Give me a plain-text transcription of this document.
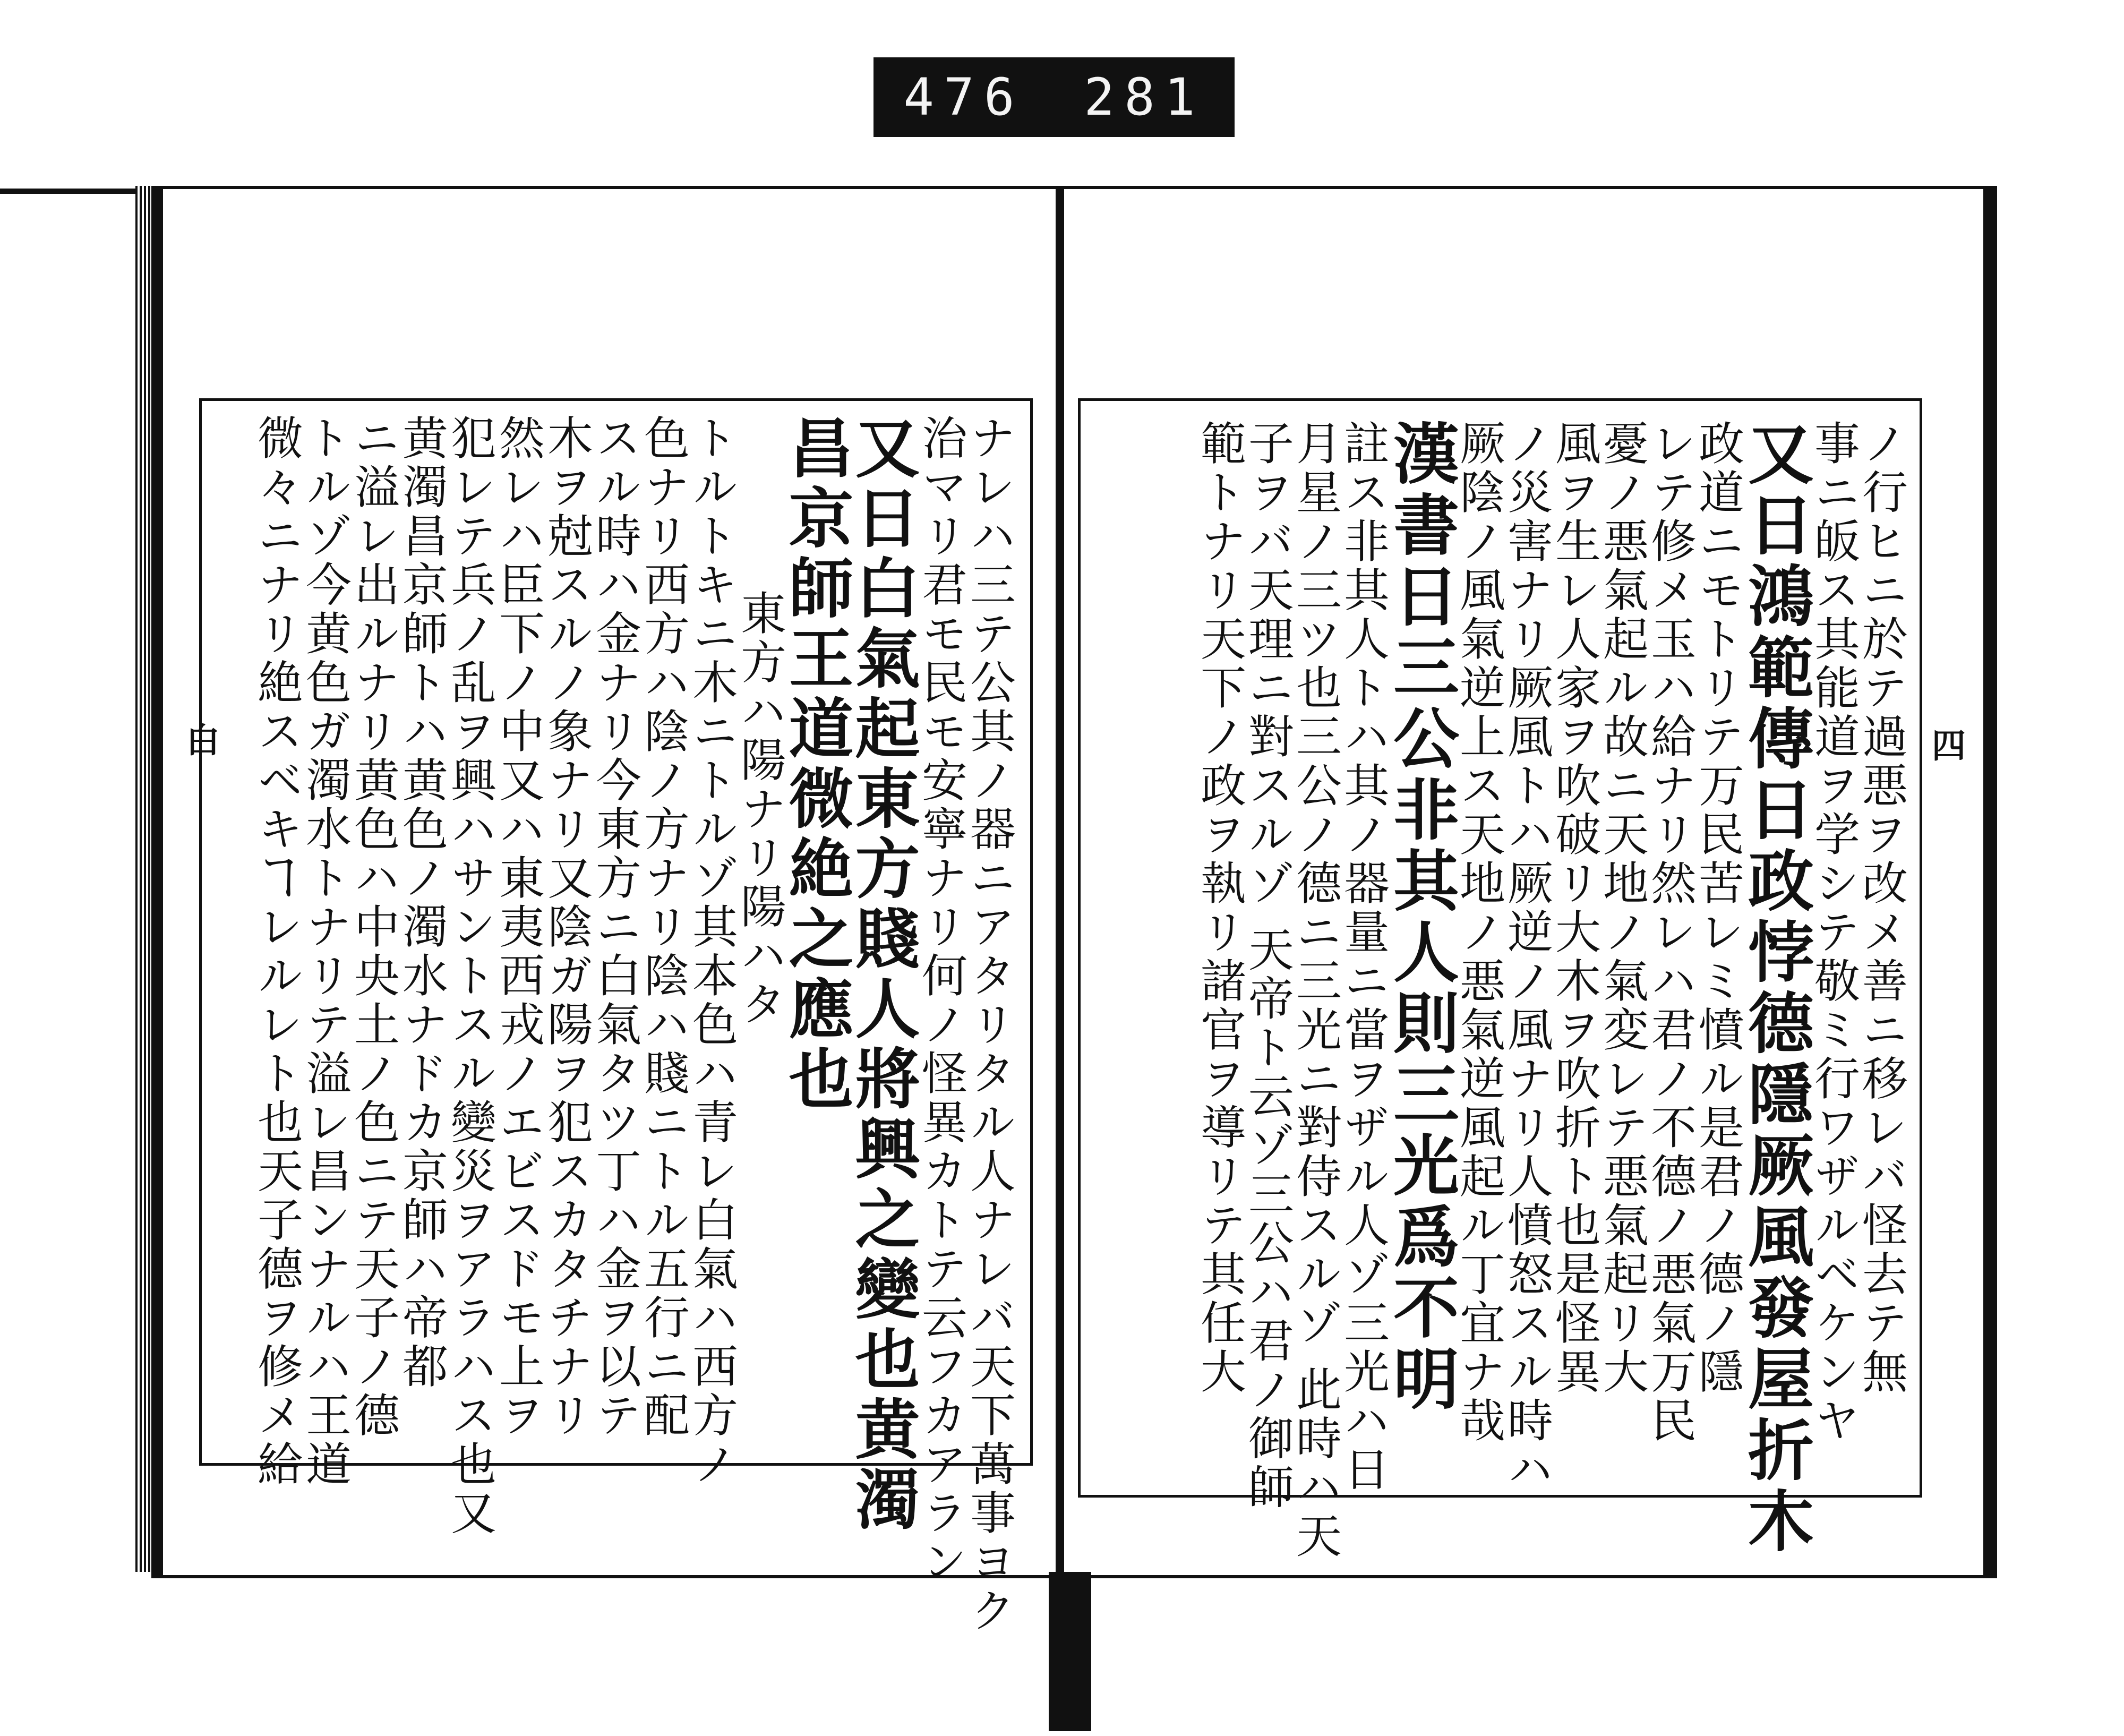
476 281
白	四
ナレハ三テ公其ノ器ニアタリタル人ナレバ天下萬事ヨク
治マリ君モ民モ安寧ナリ何ノ怪異カトテ云フカアラン
又日白氣起東方賤人將興之變也黄濁
昌京師王道微絶之應也
東方ハ陽ナリ陽ハタ
トルトキニ木ニトルゾ其本色ハ青レ白氣ハ西方ノ
色ナリ西方ハ陰ノ方ナリ陰ハ賤ニトル五行ニ配
スル時ハ金ナリ今東方ニ白氣タツ丁ハ金ヲ以テ
木ヲ尅スルノ象ナリ又陰ガ陽ヲ犯スカタチナリ
然レハ臣下ノ中又ハ東夷西戎ノエビスドモ上ヲ
犯レテ兵ノ乱ヲ興ハサントスル變災ヲアラハス也又
黄濁昌京師トハ黄色ノ濁水ナドカ京師ハ帝都
ニ溢レ出ルナリ黄色ハ中央土ノ色ニテ天子ノ德
トルゾ今黄色ガ濁水トナリテ溢レ昌ンナルハ王道
微々ニナリ絶スベキヿレルレト也天子德ヲ修メ給	ノ行ヒニ於テ過悪ヲ改メ善ニ移レバ怪去テ無
事ニ皈ス其能道ヲ学シテ敬ミ行ワザルベケンヤ
又日鴻範傳日政悖德隱厥風發屋折木
政道ニモトリテ万民苦レミ憤ル是君ノ德ノ隱
レテ修メ玉ハ給ナリ然レハ君ノ不德ノ悪氣万民
憂ノ悪氣起ル故ニ天地ノ氣変レテ悪氣起リ大
風ヲ生レ人家ヲ吹破リ大木ヲ吹折ト也是怪異
ノ災害ナリ厥風トハ厥逆ノ風ナリ人憤怒スル時ハ
厥陰ノ風氣逆上ス天地ノ悪氣逆風起ル丁宜ナ哉
漢書日三公非其人則三光爲不明
註ス非其人トハ其ノ器量ニ當ヲザル人ゾ三光ハ日
月星ノ三ツ也三公ノ德ニ三光ニ對侍スルゾ 此時ハ天
子ヲバ天理ニ對スルゾ 天帝ト云ゾ三公ハ君ノ御師
範トナリ天下ノ政ヲ執リ諸官ヲ導リテ其任大
